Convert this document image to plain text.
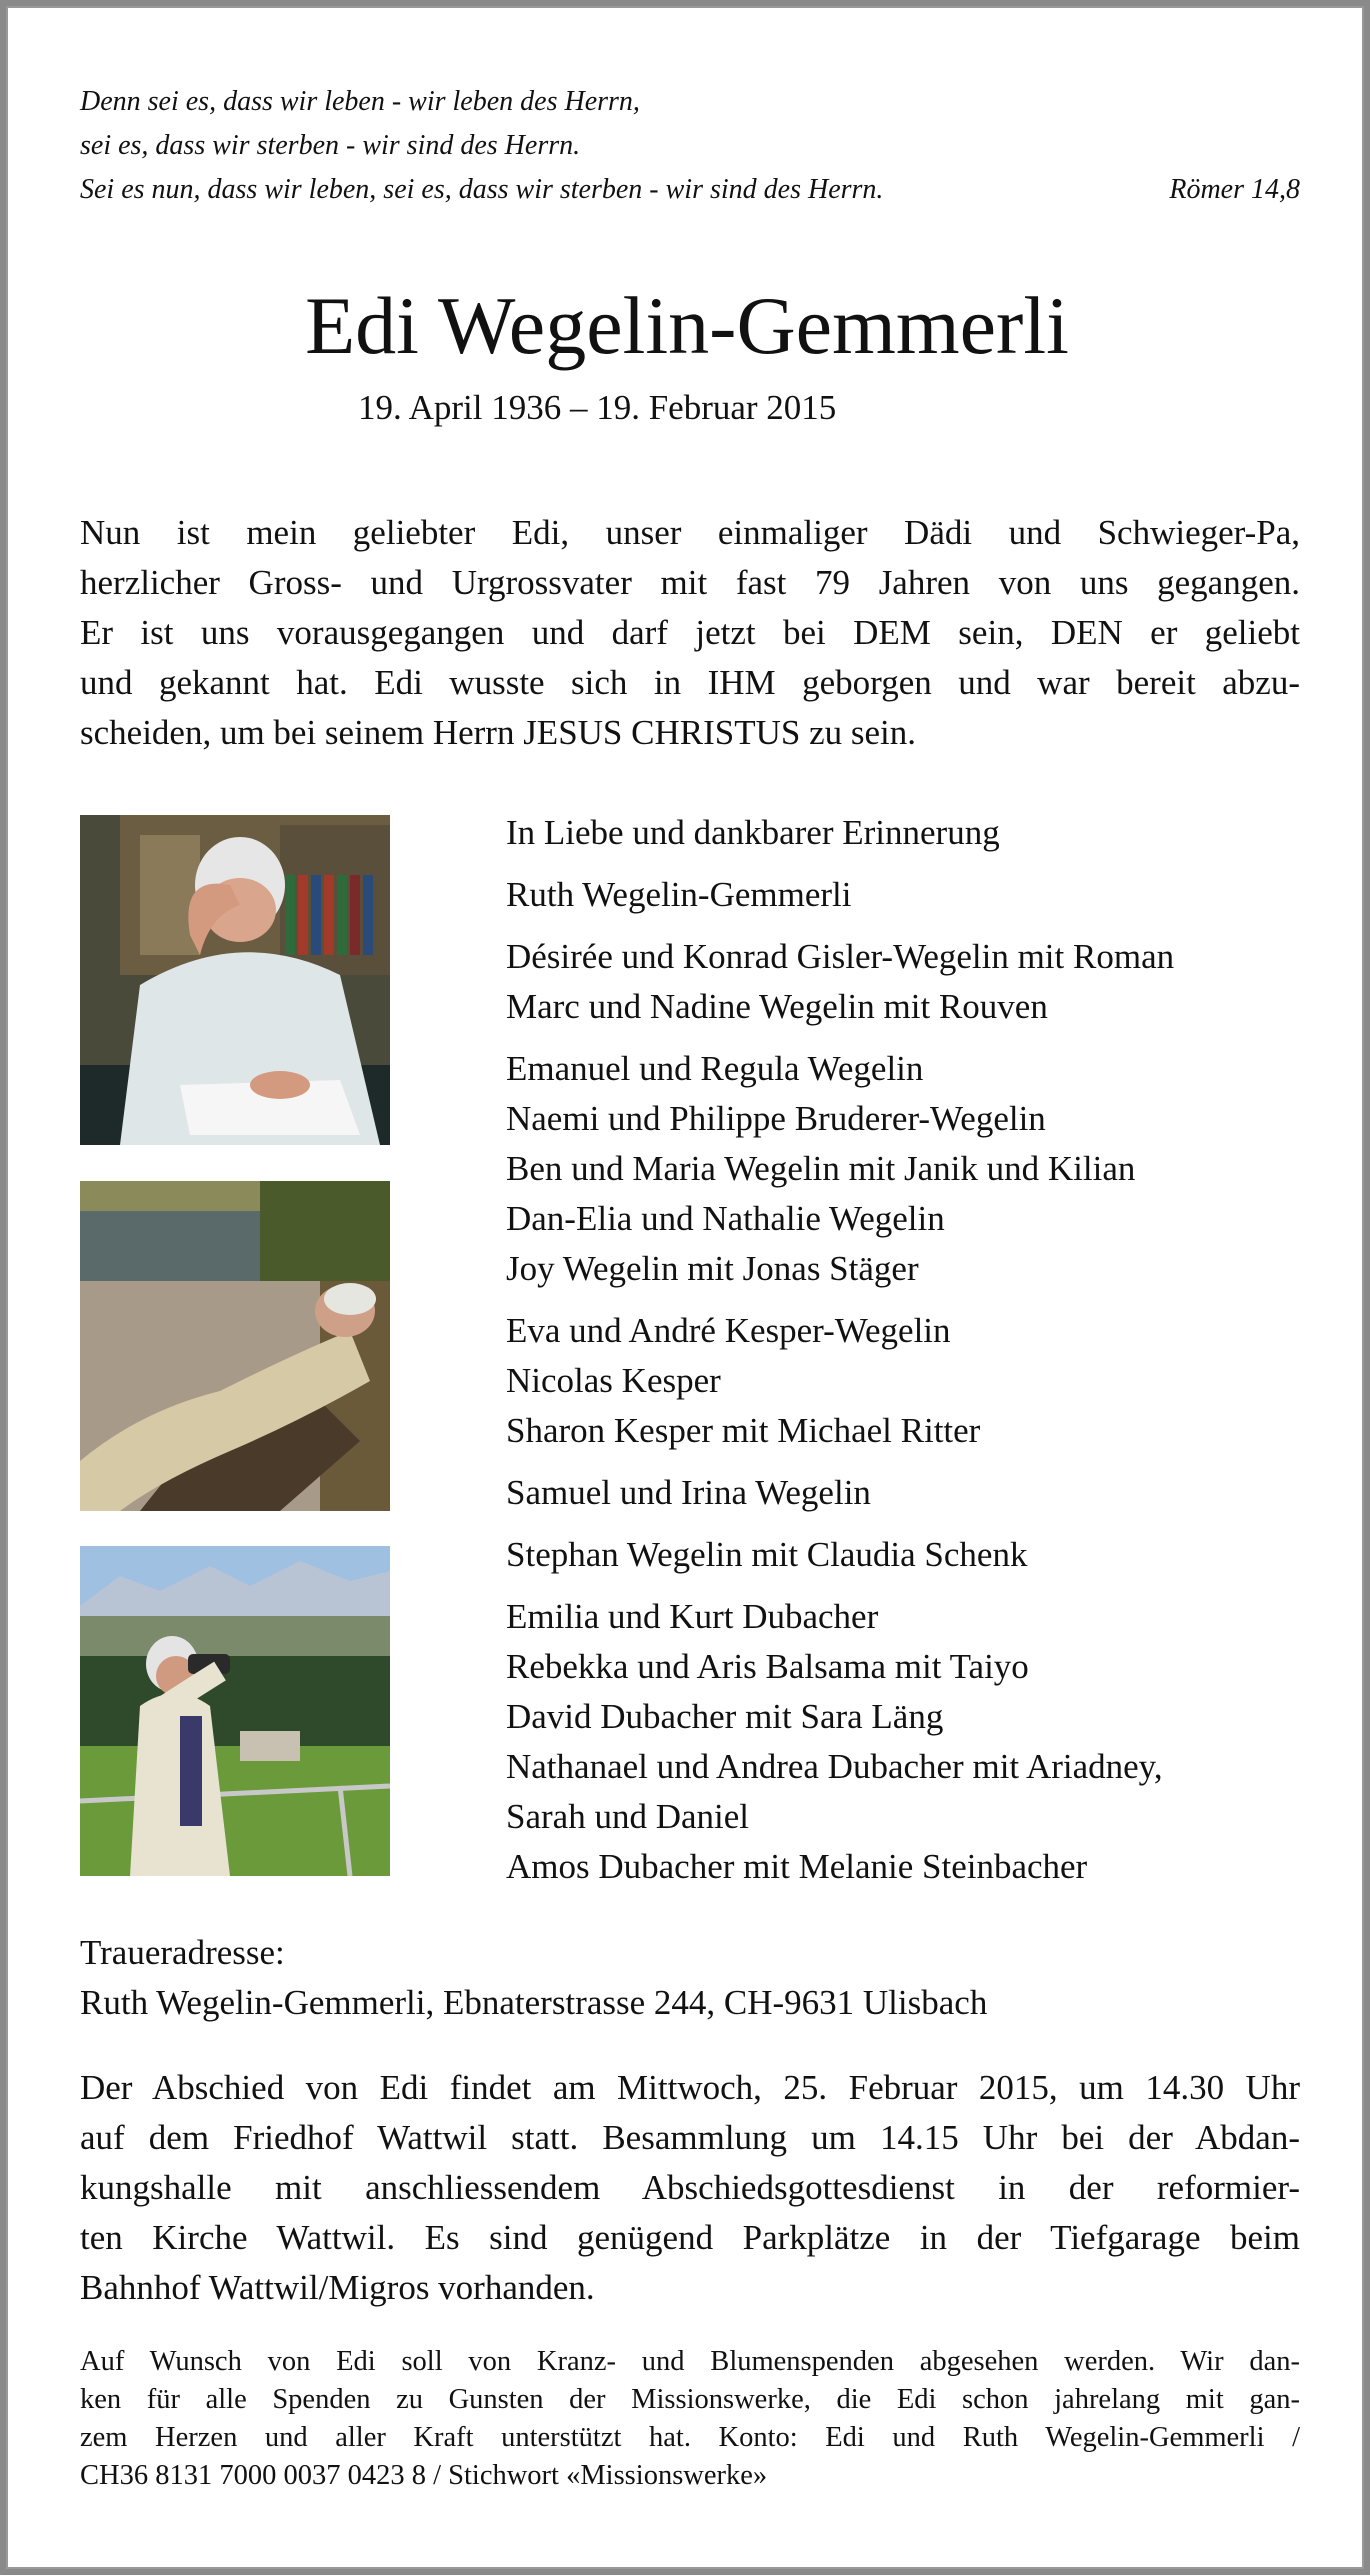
Denn sei es, dass wir leben - wir leben des Herrn,
sei es, dass wir sterben - wir sind des Herrn.
Sei es nun, dass wir leben, sei es, dass wir sterben - wir sind des Herrn.	Römer 14,8
Edi Wegelin-Gemmerli
19. April 1936 – 19. Februar 2015
Nun ist mein geliebter Edi, unser einmaliger Dädi und Schwieger-Pa,
herzlicher Gross- und Urgrossvater mit fast 79 Jahren von uns gegangen.
Er ist uns vorausgegangen und darf jetzt bei DEM sein, DEN er geliebt
und gekannt hat. Edi wusste sich in IHM geborgen und war bereit abzu-
scheiden, um bei seinem Herrn JESUS CHRISTUS zu sein.
In Liebe und dankbarer Erinnerung
Ruth Wegelin-Gemmerli
Désirée und Konrad Gisler-Wegelin mit Roman
Marc und Nadine Wegelin mit Rouven
Emanuel und Regula Wegelin
Naemi und Philippe Bruderer-Wegelin
Ben und Maria Wegelin mit Janik und Kilian
Dan-Elia und Nathalie Wegelin
Joy Wegelin mit Jonas Stäger
Eva und André Kesper-Wegelin
Nicolas Kesper
Sharon Kesper mit Michael Ritter
Samuel und Irina Wegelin
Stephan Wegelin mit Claudia Schenk
Emilia und Kurt Dubacher
Rebekka und Aris Balsama mit Taiyo
David Dubacher mit Sara Läng
Nathanael und Andrea Dubacher mit Ariadney,
Sarah und Daniel
Amos Dubacher mit Melanie Steinbacher
Traueradresse:
Ruth Wegelin-Gemmerli, Ebnaterstrasse 244, CH-9631 Ulisbach
Der Abschied von Edi findet am Mittwoch, 25. Februar 2015, um 14.30 Uhr
auf dem Friedhof Wattwil statt. Besammlung um 14.15 Uhr bei der Abdan-
kungshalle mit anschliessendem Abschiedsgottesdienst in der reformier-
ten Kirche Wattwil. Es sind genügend Parkplätze in der Tiefgarage beim
Bahnhof Wattwil/Migros vorhanden.
Auf Wunsch von Edi soll von Kranz- und Blumenspenden abgesehen werden. Wir dan-
ken für alle Spenden zu Gunsten der Missionswerke, die Edi schon jahrelang mit gan-
zem Herzen und aller Kraft unterstützt hat. Konto: Edi und Ruth Wegelin-Gemmerli /
CH36 8131 7000 0037 0423 8 / Stichwort «Missionswerke»
